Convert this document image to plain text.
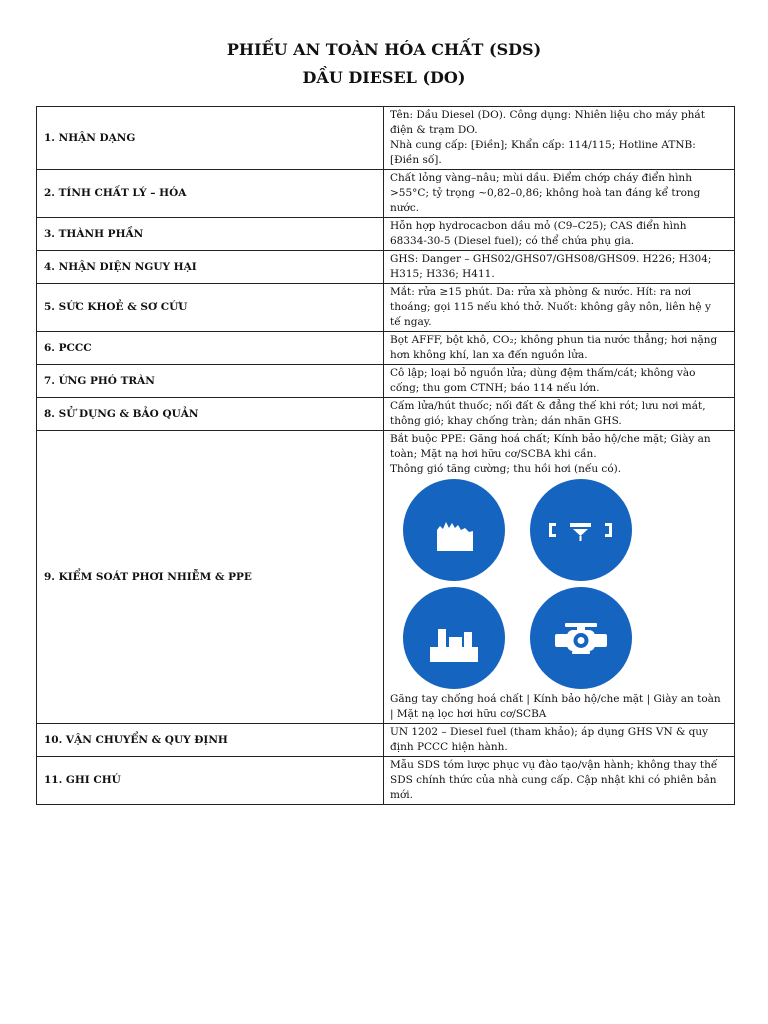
PHIẾU AN TOÀN HÓA CHẤT (SDS)
DẦU DIESEL (DO)
1. NHẬN DẠNG	Tên: Dầu Diesel (DO). Công dụng: Nhiên liệu cho máy phát điện & trạm DO.

Nhà cung cấp: [Điền]; Khẩn cấp: 114/115; Hotline ATNB: [Điền số].

2. TÍNH CHẤT LÝ – HÓA	Chất lỏng vàng–nâu; mùi dầu. Điểm chớp cháy điển hình >55°C; tỷ trọng ~0,82–0,86; không hoà tan đáng kể trong nước.

3. THÀNH PHẦN	Hỗn hợp hydrocacbon dầu mỏ (C9–C25); CAS điển hình 68334-30-5 (Diesel fuel); có thể chứa phụ gia.

4. NHẬN DIỆN NGUY HẠI	GHS: Danger – GHS02/GHS07/GHS08/GHS09. H226; H304; H315; H336; H411.

5. SỨC KHOẺ & SƠ CỨU	Mắt: rửa ≥15 phút. Da: rửa xà phòng & nước. Hít: ra nơi thoáng; gọi 115 nếu khó thở. Nuốt: không gây nôn, liên hệ y tế ngay.

6. PCCC	Bọt AFFF, bột khô, CO₂; không phun tia nước thẳng; hơi nặng hơn không khí, lan xa đến nguồn lửa.

7. ỨNG PHÓ TRÀN	Cô lập; loại bỏ nguồn lửa; dùng đệm thấm/cát; không vào cống; thu gom CTNH; báo 114 nếu lớn.

8. SỬ DỤNG & BẢO QUẢN	Cấm lửa/hút thuốc; nối đất & đẳng thế khi rót; lưu nơi mát, thông gió; khay chống tràn; dán nhãn GHS.

9. KIỂM SOÁT PHƠI NHIỄM & PPE	Bắt buộc PPE: Găng hoá chất; Kính bảo hộ/che mặt; Giày an toàn; Mặt nạ hơi hữu cơ/SCBA khi cần.

Thông gió tăng cường; thu hồi hơi (nếu có).

Găng tay chống hoá chất | Kính bảo hộ/che mặt | Giày an toàn | Mặt nạ lọc hơi hữu cơ/SCBA

10. VẬN CHUYỂN & QUY ĐỊNH	UN 1202 – Diesel fuel (tham khảo); áp dụng GHS VN & quy định PCCC hiện hành.

11. GHI CHÚ	Mẫu SDS tóm lược phục vụ đào tạo/vận hành; không thay thế SDS chính thức của nhà cung cấp. Cập nhật khi có phiên bản mới.
